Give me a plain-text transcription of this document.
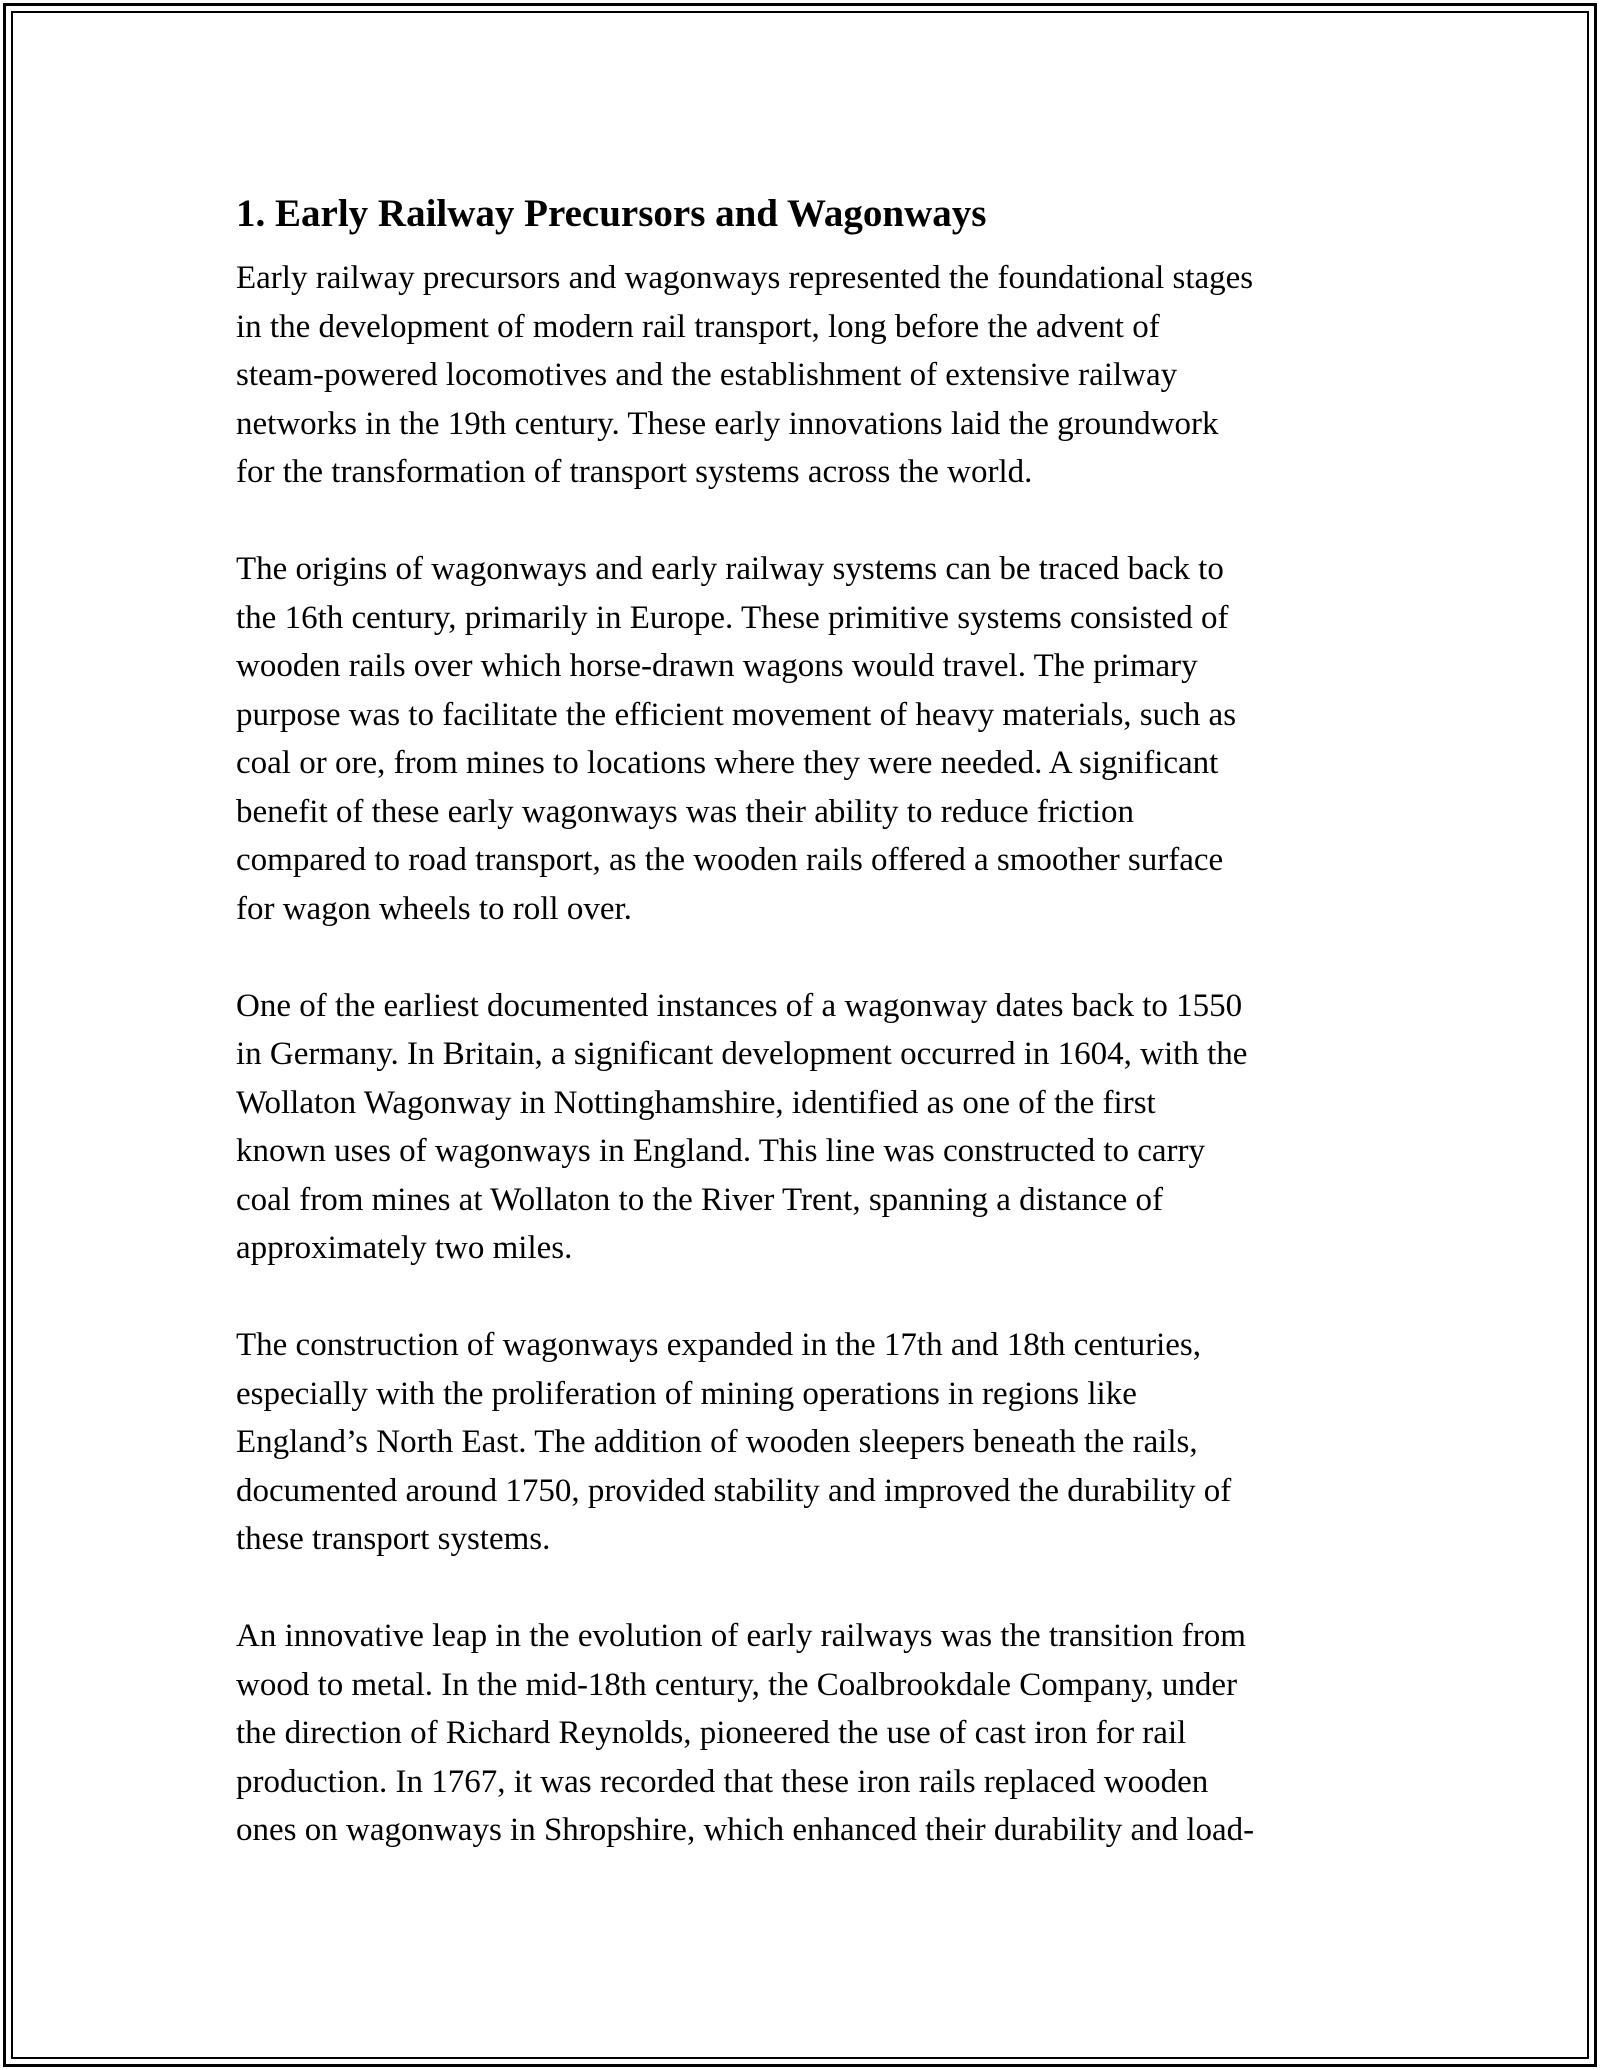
1. Early Railway Precursors and Wagonways
Early railway precursors and wagonways represented the foundational stages
in the development of modern rail transport, long before the advent of
steam-powered locomotives and the establishment of extensive railway
networks in the 19th century. These early innovations laid the groundwork
for the transformation of transport systems across the world.
The origins of wagonways and early railway systems can be traced back to
the 16th century, primarily in Europe. These primitive systems consisted of
wooden rails over which horse-drawn wagons would travel. The primary
purpose was to facilitate the efficient movement of heavy materials, such as
coal or ore, from mines to locations where they were needed. A significant
benefit of these early wagonways was their ability to reduce friction
compared to road transport, as the wooden rails offered a smoother surface
for wagon wheels to roll over.
One of the earliest documented instances of a wagonway dates back to 1550
in Germany. In Britain, a significant development occurred in 1604, with the
Wollaton Wagonway in Nottinghamshire, identified as one of the first
known uses of wagonways in England. This line was constructed to carry
coal from mines at Wollaton to the River Trent, spanning a distance of
approximately two miles.
The construction of wagonways expanded in the 17th and 18th centuries,
especially with the proliferation of mining operations in regions like
England’s North East. The addition of wooden sleepers beneath the rails,
documented around 1750, provided stability and improved the durability of
these transport systems.
An innovative leap in the evolution of early railways was the transition from
wood to metal. In the mid-18th century, the Coalbrookdale Company, under
the direction of Richard Reynolds, pioneered the use of cast iron for rail
production. In 1767, it was recorded that these iron rails replaced wooden
ones on wagonways in Shropshire, which enhanced their durability and load-
